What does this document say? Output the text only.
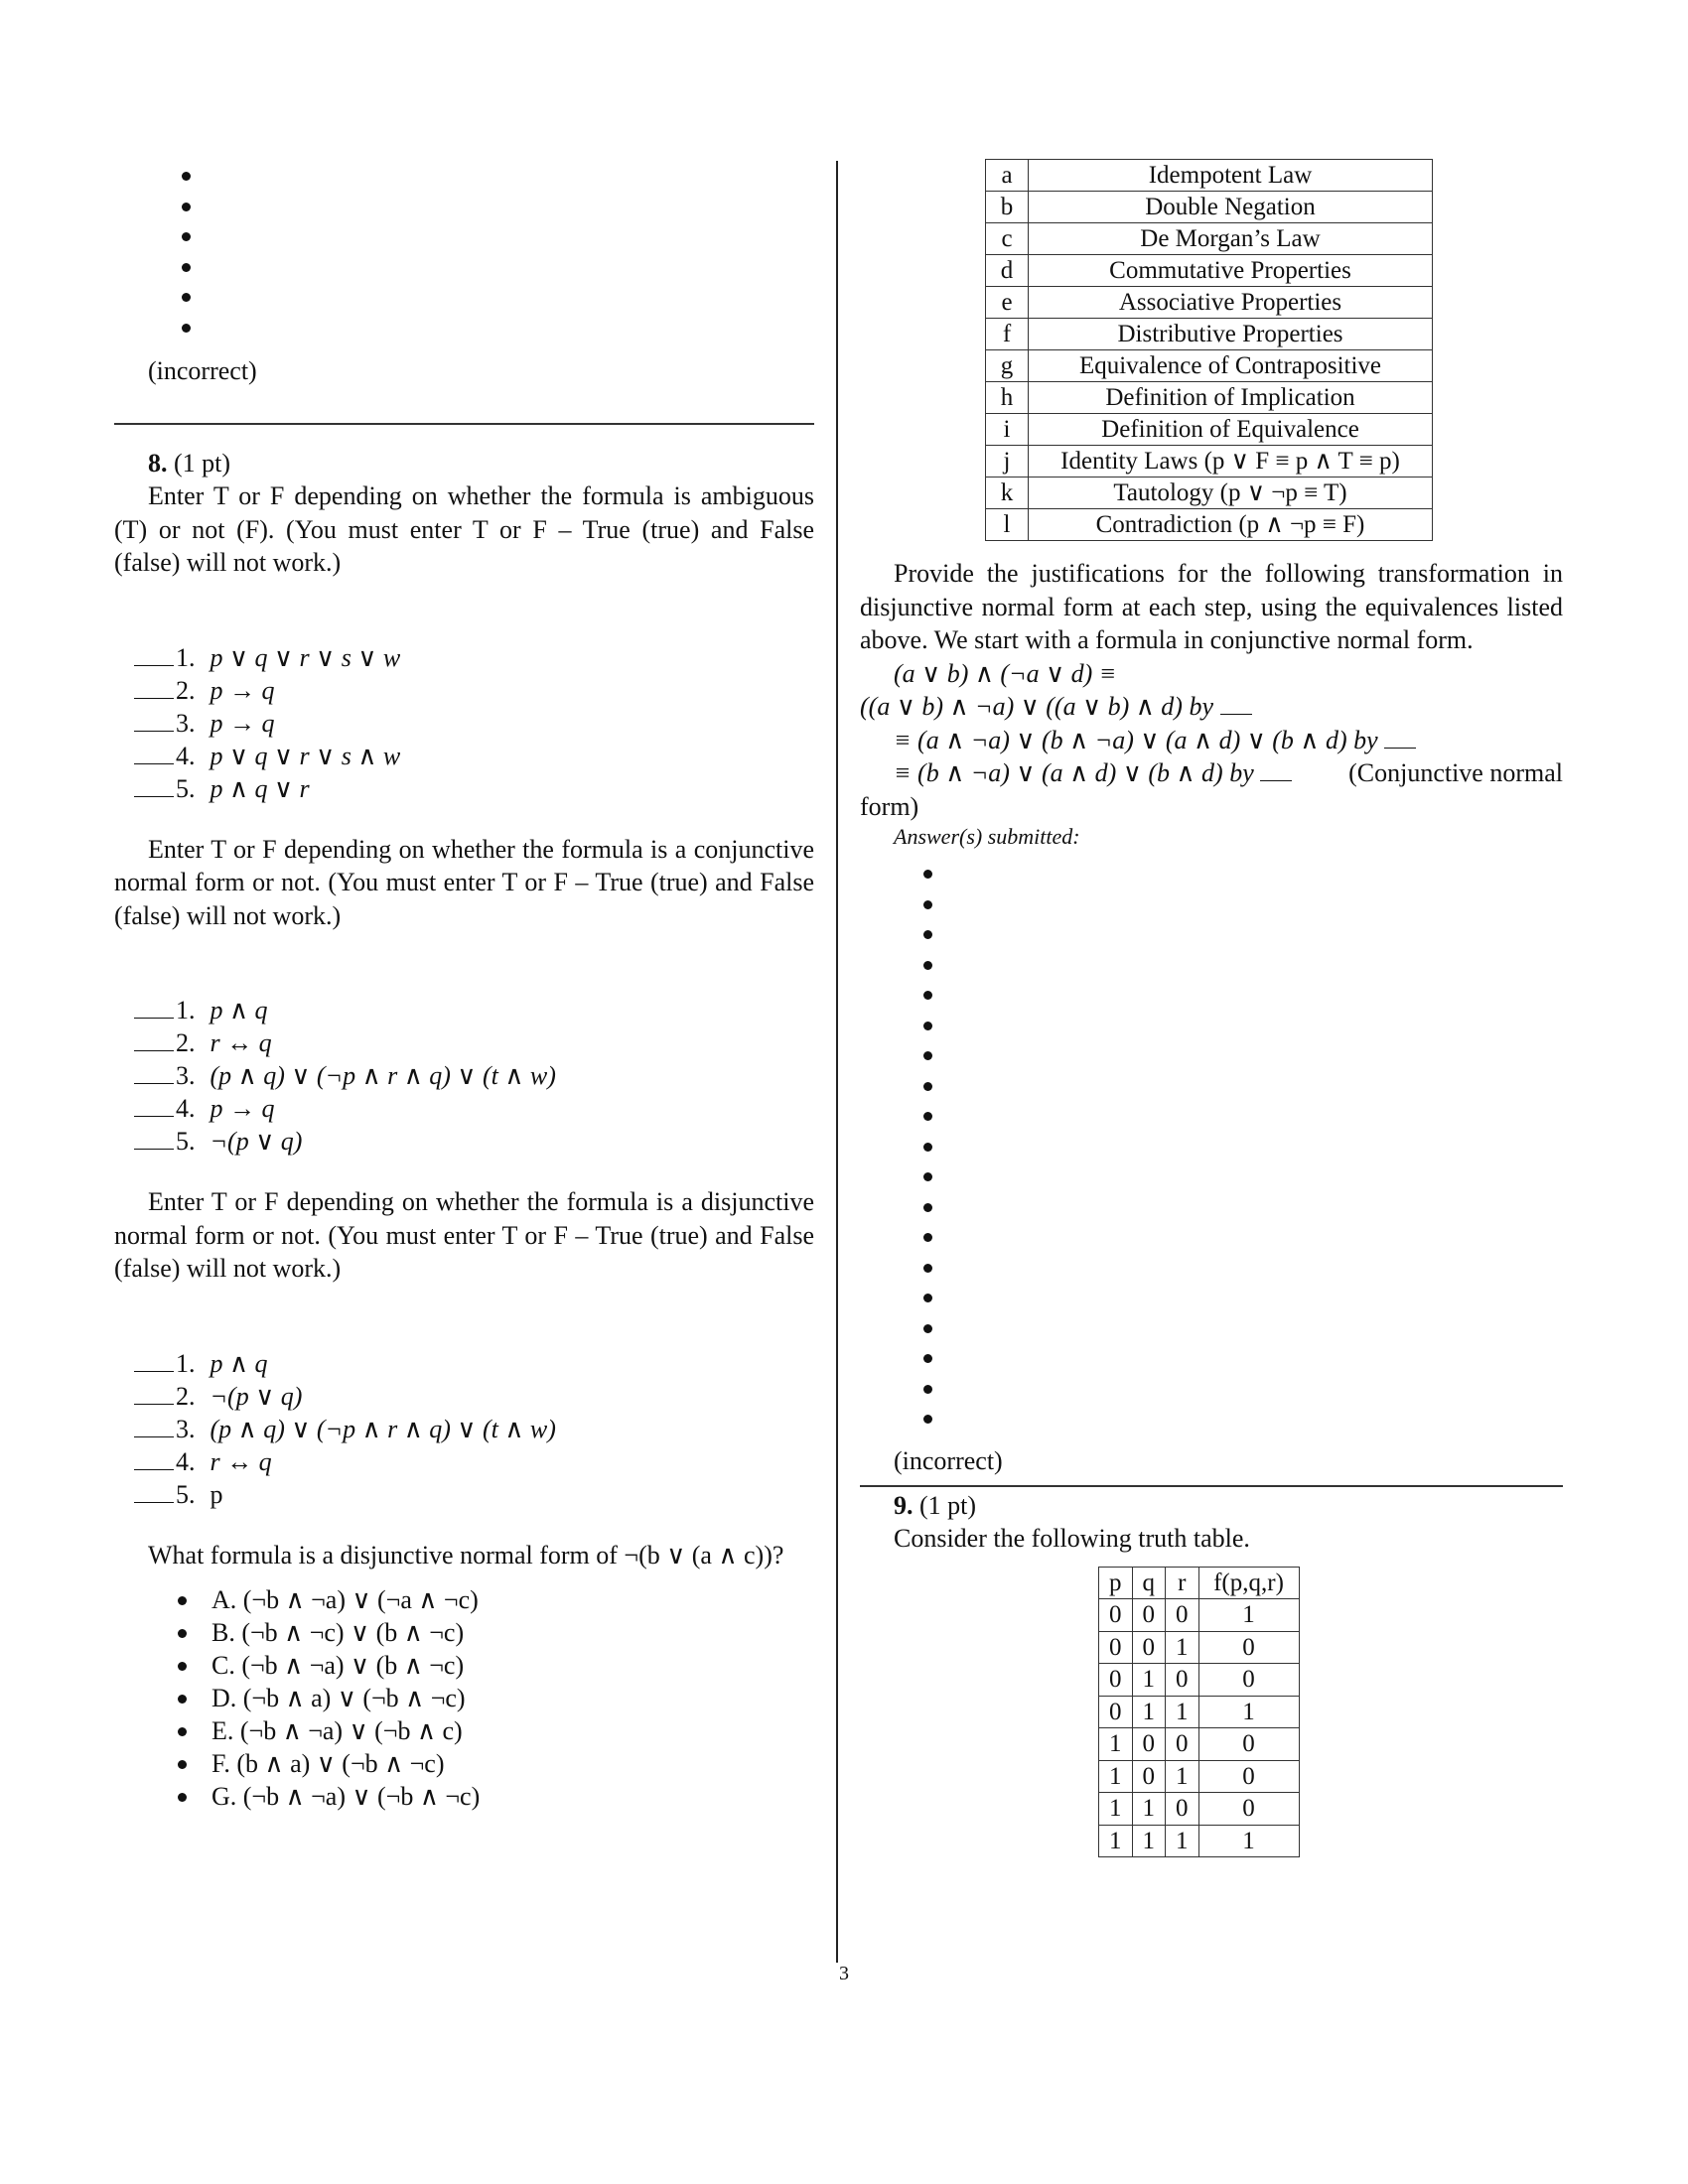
(incorrect)

8. (1 pt)

Enter T or F depending on whether the formula is ambiguous (T) or not (F). (You must enter T or F – True (true) and False (false) will not work.)

1. p ∨ q ∨ r ∨ s ∨ w
2. p → q
3. p → q
4. p ∨ q ∨ r ∨ s ∧ w
5. p ∧ q ∨ r

Enter T or F depending on whether the formula is a conjunctive normal form or not. (You must enter T or F – True (true) and False (false) will not work.)

1. p ∧ q
2. r ↔ q
3. (p ∧ q) ∨ (¬p ∧ r ∧ q) ∨ (t ∧ w)
4. p → q
5. ¬(p ∨ q)

Enter T or F depending on whether the formula is a disjunctive normal form or not. (You must enter T or F – True (true) and False (false) will not work.)

1. p ∧ q
2. ¬(p ∨ q)
3. (p ∧ q) ∨ (¬p ∧ r ∧ q) ∨ (t ∧ w)
4. r ↔ q
5. p

What formula is a disjunctive normal form of ¬(b ∨ (a ∧ c))?

A. (¬b ∧ ¬a) ∨ (¬a ∧ ¬c)
B. (¬b ∧ ¬c) ∨ (b ∧ ¬c)
C. (¬b ∧ ¬a) ∨ (b ∧ ¬c)
D. (¬b ∧ a) ∨ (¬b ∧ ¬c)
E. (¬b ∧ ¬a) ∨ (¬b ∧ c)
F. (b ∧ a) ∨ (¬b ∧ ¬c)
G. (¬b ∧ ¬a) ∨ (¬b ∧ ¬c)
a	Idempotent Law
b	Double Negation
c	De Morgan’s Law
d	Commutative Properties
e	Associative Properties
f	Distributive Properties
g	Equivalence of Contrapositive
h	Definition of Implication
i	Definition of Equivalence
j	Identity Laws (p ∨ F ≡ p ∧ T ≡ p)
k	Tautology (p ∨ ¬p ≡ T)
l	Contradiction (p ∧ ¬p ≡ F)

Provide the justifications for the following transformation in disjunctive normal form at each step, using the equivalences listed above. We start with a formula in conjunctive normal form.

(a ∨ b) ∧ (¬a ∨ d) ≡
((a ∨ b) ∧ ¬a) ∨ ((a ∨ b) ∧ d) by
≡ (a ∧ ¬a) ∨ (b ∧ ¬a) ∨ (a ∧ d) ∨ (b ∧ d) by
≡ (b ∧ ¬a) ∨ (a ∧ d) ∨ (b ∧ d) by	(Conjunctive normal
form)

Answer(s) submitted:

(incorrect)

9. (1 pt)

Consider the following truth table.

p	q	r	f(p,q,r)
0	0	0	1
0	0	1	0
0	1	0	0
0	1	1	1
1	0	0	0
1	0	1	0
1	1	0	0
1	1	1	1
3
